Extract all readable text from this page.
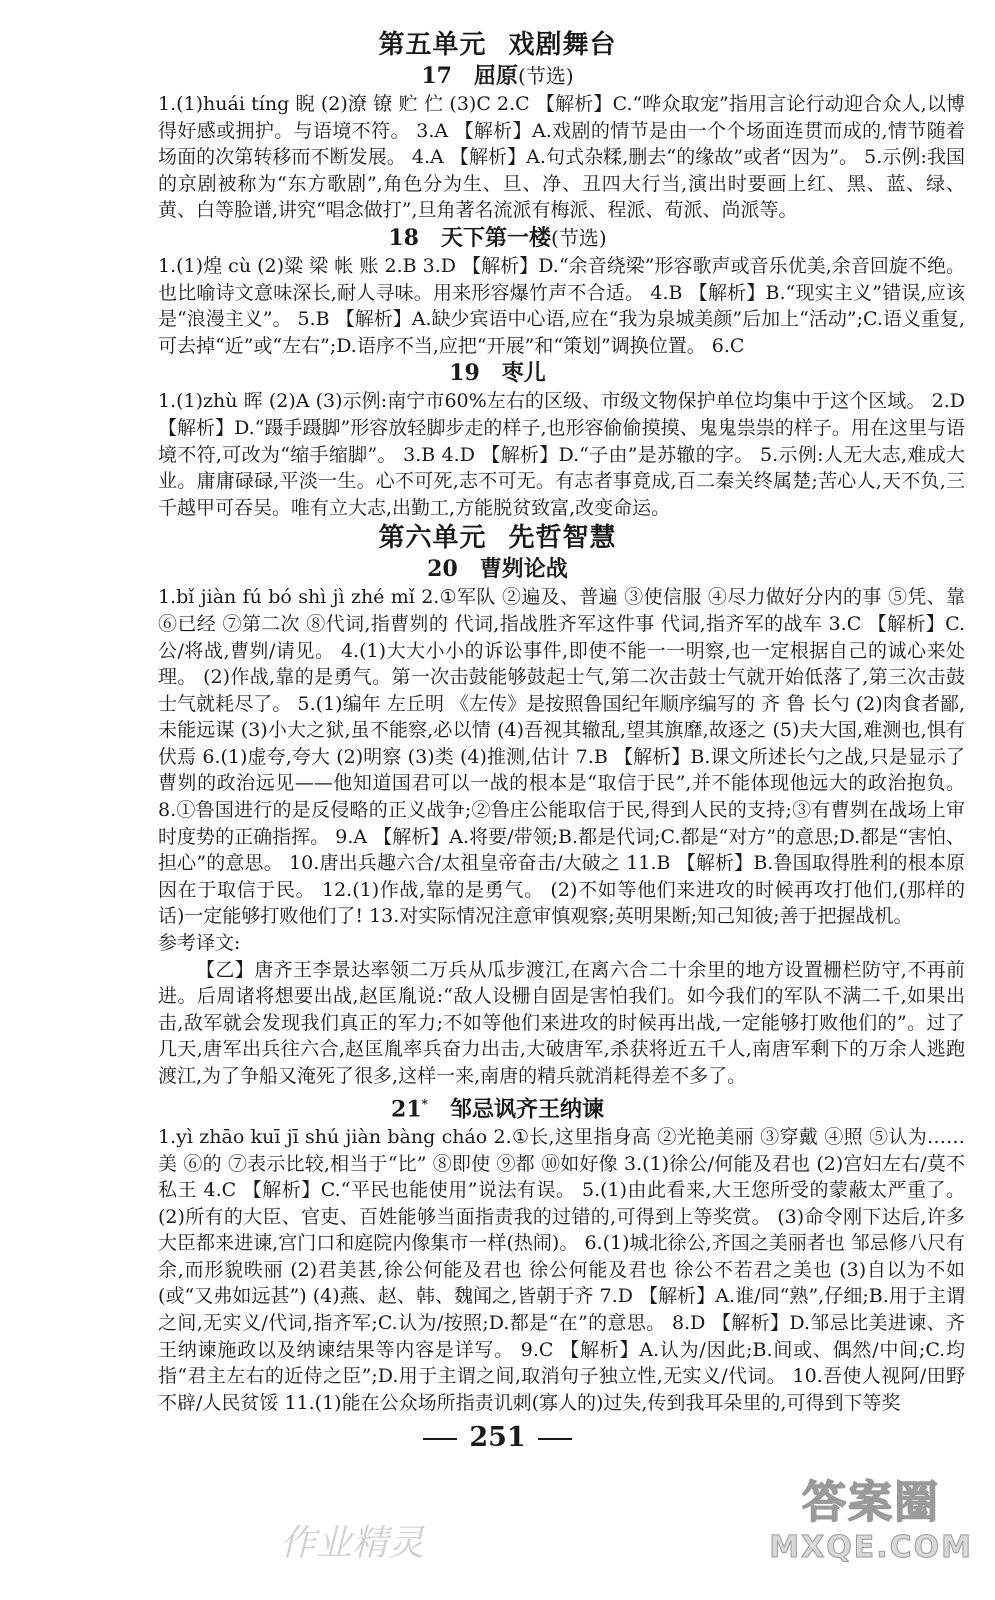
第五单元 戏剧舞台
17 屈原(节选)
1.(1)huái tíng 睨 (2)潦 镣 贮 伫 (3)C 2.C 【解析】C.“哗众取宠”指用言论行动迎合众人,以博得好感或拥护。与语境不符。 3.A 【解析】A.戏剧的情节是由一个个场面连贯而成的,情节随着场面的次第转移而不断发展。 4.A 【解析】A.句式杂糅,删去“的缘故”或者“因为”。 5.示例:我国的京剧被称为“东方歌剧”,角色分为生、旦、净、丑四大行当,演出时要画上红、黑、蓝、绿、黄、白等脸谱,讲究“唱念做打”,旦角著名流派有梅派、程派、荀派、尚派等。
18 天下第一楼(节选)
1.(1)煌 cù (2)粱 梁 帐 账 2.B 3.D 【解析】D.“余音绕梁”形容歌声或音乐优美,余音回旋不绝。也比喻诗文意味深长,耐人寻味。用来形容爆竹声不合适。 4.B 【解析】B.“现实主义”错误,应该是“浪漫主义”。 5.B 【解析】A.缺少宾语中心语,应在“我为泉城美颜”后加上“活动”;C.语义重复,可去掉“近”或“左右”;D.语序不当,应把“开展”和“策划”调换位置。 6.C
19 枣儿
1.(1)zhù 晖 (2)A (3)示例:南宁市60%左右的区级、市级文物保护单位均集中于这个区域。 2.D 【解析】D.“蹑手蹑脚”形容放轻脚步走的样子,也形容偷偷摸摸、鬼鬼祟祟的样子。用在这里与语境不符,可改为“缩手缩脚”。 3.B 4.D 【解析】D.“子由”是苏辙的字。 5.示例:人无大志,难成大业。庸庸碌碌,平淡一生。心不可死,志不可无。有志者事竟成,百二秦关终属楚;苦心人,天不负,三千越甲可吞吴。唯有立大志,出勤工,方能脱贫致富,改变命运。
第六单元 先哲智慧
20 曹刿论战
1.bǐ jiàn fú bó shì jì zhé mǐ 2.①军队 ②遍及、普遍 ③使信服 ④尽力做好分内的事 ⑤凭、靠 ⑥已经 ⑦第二次 ⑧代词,指曹刿的 代词,指战胜齐军这件事 代词,指齐军的战车 3.C 【解析】C.公/将战,曹刿/请见。 4.(1)大大小小的诉讼事件,即使不能一一明察,也一定根据自己的诚心来处理。 (2)作战,靠的是勇气。第一次击鼓能够鼓起士气,第二次击鼓士气就开始低落了,第三次击鼓士气就耗尽了。 5.(1)编年 左丘明 《左传》是按照鲁国纪年顺序编写的 齐 鲁 长勺 (2)肉食者鄙,未能远谋 (3)小大之狱,虽不能察,必以情 (4)吾视其辙乱,望其旗靡,故逐之 (5)夫大国,难测也,惧有伏焉 6.(1)虚夸,夸大 (2)明察 (3)类 (4)推测,估计 7.B 【解析】B.课文所述长勺之战,只是显示了曹刿的政治远见——他知道国君可以一战的根本是“取信于民”,并不能体现他远大的政治抱负。 8.①鲁国进行的是反侵略的正义战争;②鲁庄公能取信于民,得到人民的支持;③有曹刿在战场上审时度势的正确指挥。 9.A 【解析】A.将要/带领;B.都是代词;C.都是“对方”的意思;D.都是“害怕、担心”的意思。 10.唐出兵趣六合/太祖皇帝奋击/大破之 11.B 【解析】B.鲁国取得胜利的根本原因在于取信于民。 12.(1)作战,靠的是勇气。 (2)不如等他们来进攻的时候再攻打他们,(那样的话)一定能够打败他们了! 13.对实际情况注意审慎观察;英明果断;知己知彼;善于把握战机。
参考译文:
【乙】唐齐王李景达率领二万兵从瓜步渡江,在离六合二十余里的地方设置栅栏防守,不再前进。后周诸将想要出战,赵匡胤说:“敌人设栅自固是害怕我们。如今我们的军队不满二千,如果出击,敌军就会发现我们真正的军力;不如等他们来进攻的时候再出战,一定能够打败他们的”。过了几天,唐军出兵往六合,赵匡胤率兵奋力出击,大破唐军,杀获将近五千人,南唐军剩下的万余人逃跑渡江,为了争船又淹死了很多,这样一来,南唐的精兵就消耗得差不多了。
21* 邹忌讽齐王纳谏
1.yì zhāo kuī jī shú jiàn bàng cháo 2.①长,这里指身高 ②光艳美丽 ③穿戴 ④照 ⑤认为……美 ⑥的 ⑦表示比较,相当于“比” ⑧即使 ⑨都 ⑩如好像 3.(1)徐公/何能及君也 (2)宫妇左右/莫不私王 4.C 【解析】C.“平民也能使用”说法有误。 5.(1)由此看来,大王您所受的蒙蔽太严重了。 (2)所有的大臣、官吏、百姓能够当面指责我的过错的,可得到上等奖赏。 (3)命令刚下达后,许多大臣都来进谏,宫门口和庭院内像集市一样(热闹)。 6.(1)城北徐公,齐国之美丽者也 邹忌修八尺有余,而形貌昳丽 (2)君美甚,徐公何能及君也 徐公何能及君也 徐公不若君之美也 (3)自以为不如(或“又弗如远甚”) (4)燕、赵、韩、魏闻之,皆朝于齐 7.D 【解析】A.谁/同“熟”,仔细;B.用于主谓之间,无实义/代词,指齐军;C.认为/按照;D.都是“在”的意思。 8.D 【解析】D.邹忌比美进谏、齐王纳谏施政以及纳谏结果等内容是详写。 9.C 【解析】A.认为/因此;B.间或、偶然/中间;C.均指“君主左右的近侍之臣”;D.用于主谓之间,取消句子独立性,无实义/代词。 10.吾使人视阿/田野不辟/人民贫馁 11.(1)能在公众场所指责讥刺(寡人的)过失,传到我耳朵里的,可得到下等奖
251
作业精灵
答案圈
MXQE.COM
